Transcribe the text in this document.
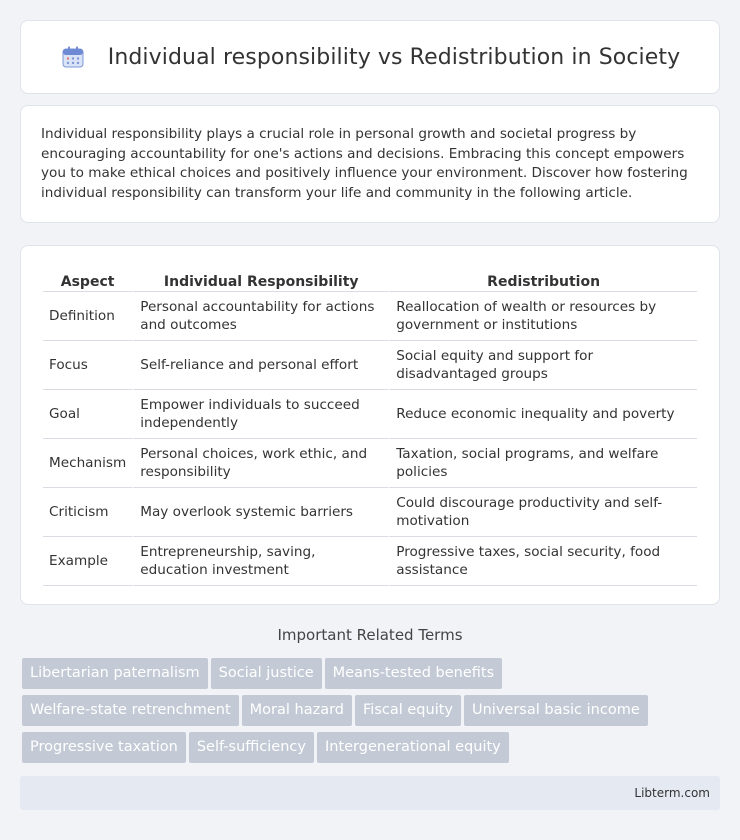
Individual responsibility vs Redistribution in Society

Individual responsibility plays a crucial role in personal growth and societal progress by encouraging accountability for one's actions and decisions. Embracing this concept empowers you to make ethical choices and positively influence your environment. Discover how fostering individual responsibility can transform your life and community in the following article.

Aspect	Individual Responsibility	Redistribution
Definition	Personal accountability for actions and outcomes	Reallocation of wealth or resources by government or institutions
Focus	Self-reliance and personal effort	Social equity and support for disadvantaged groups
Goal	Empower individuals to succeed independently	Reduce economic inequality and poverty
Mechanism	Personal choices, work ethic, and responsibility	Taxation, social programs, and welfare policies
Criticism	May overlook systemic barriers	Could discourage productivity and self-motivation
Example	Entrepreneurship, saving, education investment	Progressive taxes, social security, food assistance
Important Related Terms
Libertarian paternalism	Social justice	Means-tested benefits
Welfare-state retrenchment	Moral hazard	Fiscal equity	Universal basic income
Progressive taxation	Self-sufficiency	Intergenerational equity
Libterm.com
